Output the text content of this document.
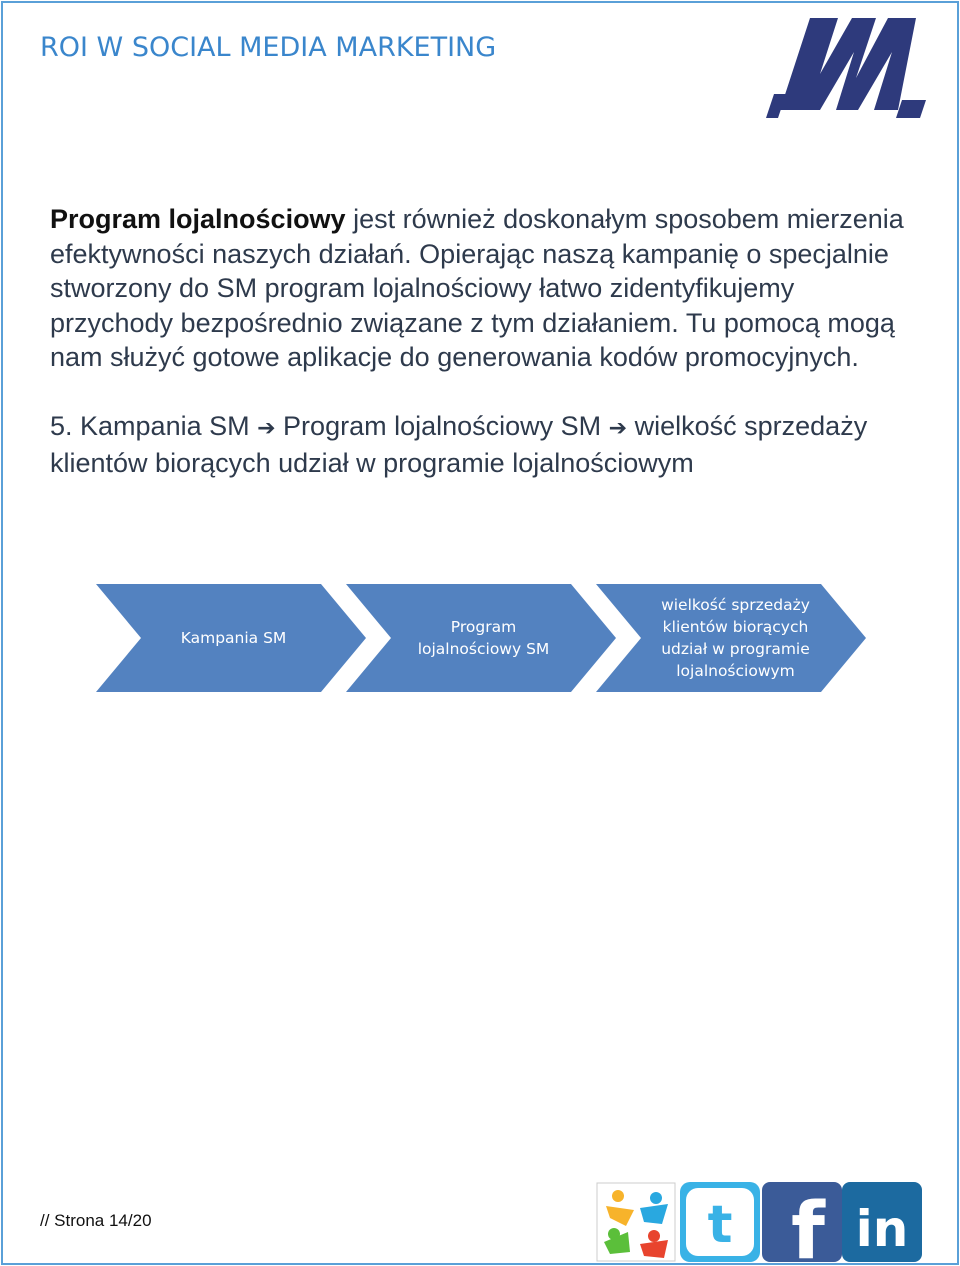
ROI W SOCIAL MEDIA MARKETING

Program lojalnościowy jest również doskonałym sposobem mierzenia efektywności naszych działań. Opierając naszą kampanię o specjalnie stworzony do SM program lojalnościowy łatwo zidentyfikujemy przychody bezpośrednio związane z tym działaniem. Tu pomocą mogą nam służyć gotowe aplikacje do generowania kodów promocyjnych.

5. Kampania SM ➔ Program lojalnościowy SM ➔ wielkość sprzedaży klientów biorących udział w programie lojalnościowym

Kampania SM
Program lojalnościowy SM
wielkość sprzedaży klientów biorących udział w programie lojalnościowym
// Strona 14/20	t f in
